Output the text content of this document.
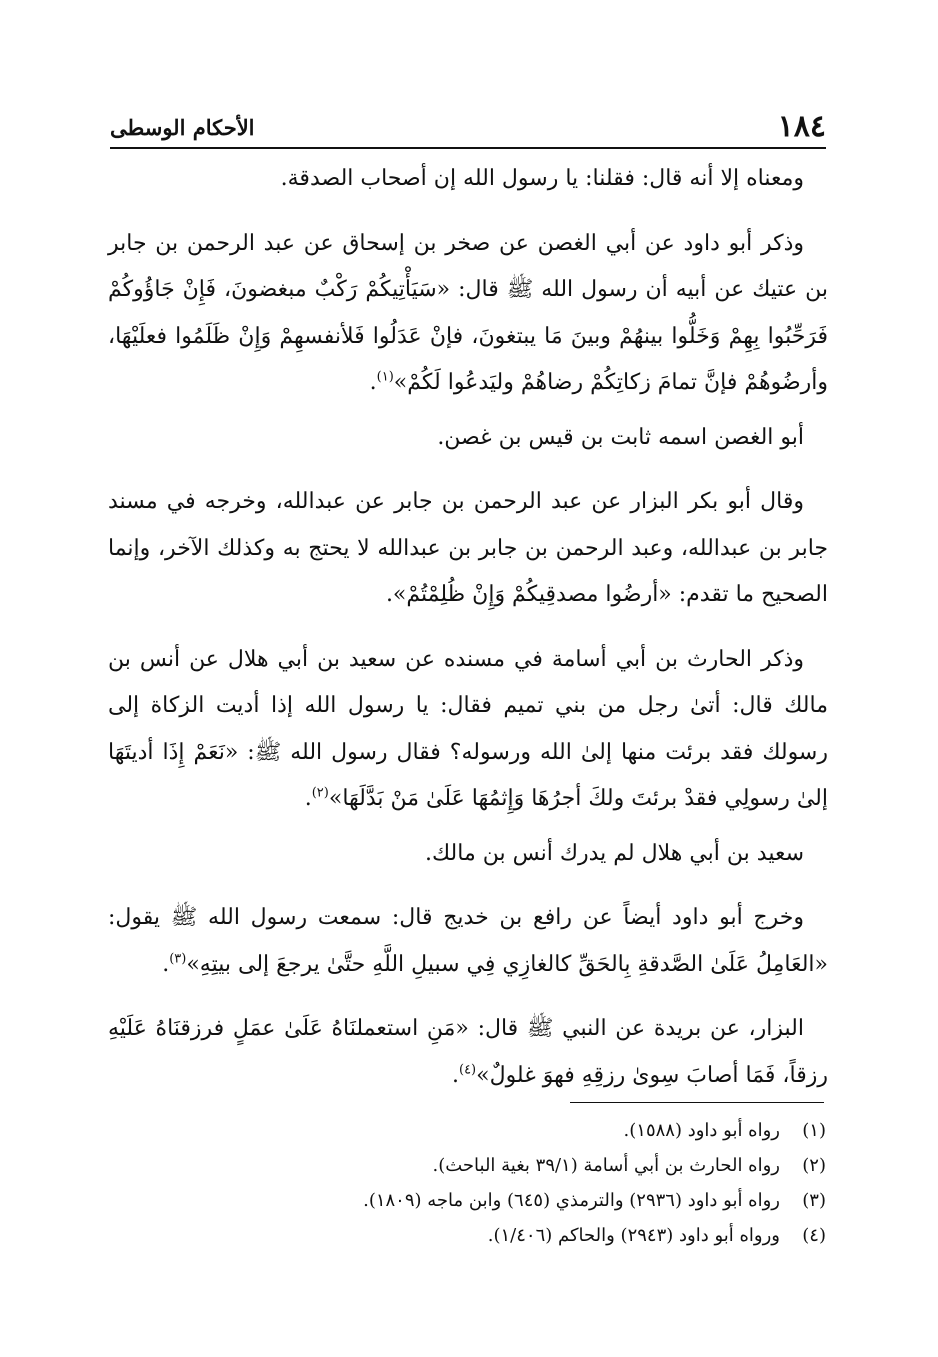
١٨٤
الأحكام الوسطى

ومعناه إلا أنه قال: فقلنا: يا رسول الله إن أصحاب الصدقة.

وذكر أبو داود عن أبي الغصن عن صخر بن إسحاق عن عبد الرحمن بن جابر بن عتيك عن أبيه أن رسول الله ﷺ قال: «سَيَأْتِيكُمْ رَكْبٌ مبغضونَ، فَإِنْ جَاؤُوكُمْ فَرَحِّبُوا بِهِمْ وَخَلُّوا بينهُمْ وبينَ مَا يبتغونَ، فإنْ عَدَلُوا فَلأنفسهِمْ وَإِنْ ظَلَمُوا فعلَيْهَا، وأرضُوهُمْ فإنَّ تمامَ زكاتِكُمْ رضاهُمْ وليَدعُوا لَكُمْ»$^{(١)}$.

أبو الغصن اسمه ثابت بن قيس بن غصن.

وقال أبو بكر البزار عن عبد الرحمن بن جابر عن عبدالله، وخرجه في مسند جابر بن عبدالله، وعبد الرحمن بن جابر بن عبدالله لا يحتج به وكذلك الآخر، وإنما الصحيح ما تقدم: «أرضُوا مصدقِيكُمْ وَإِنْ ظُلِمْتُمْ».

وذكر الحارث بن أبي أسامة في مسنده عن سعيد بن أبي هلال عن أنس بن مالك قال: أتىٰ رجل من بني تميم فقال: يا رسول الله إذا أديت الزكاة إلى رسولك فقد برئت منها إلىٰ الله ورسوله؟ فقال رسول الله ﷺ: «نَعَمْ إِذَا أديتَهَا إلىٰ رسولِي فقدْ برئتَ ولكَ أجرُهَا وَإِثمُهَا عَلَىٰ مَنْ بَدَّلَهَا»$^{(٢)}$.

سعيد بن أبي هلال لم يدرك أنس بن مالك.

وخرج أبو داود أيضاً عن رافع بن خديج قال: سمعت رسول الله ﷺ يقول: «العَامِلُ عَلَىٰ الصَّدقةِ بِالحَقِّ كالغازِي فِي سبيلِ اللَّهِ حتَّىٰ يرجعَ إلى بيتِهِ»$^{(٣)}$.

البزار، عن بريدة عن النبي ﷺ قال: «مَنِ استعملنَاهُ عَلَىٰ عمَلٍ فرزقنَاهُ عَلَيْهِ رزقاً، فَمَا أصابَ سِوىٰ رزقِهِ فهوَ غلولٌ»$^{(٤)}$.

(١)
رواه أبو داود (١٥٨٨).
(٢)
رواه الحارث بن أبي أسامة (٣٩/١ بغية الباحث).
(٣)
رواه أبو داود (٢٩٣٦) والترمذي (٦٤٥) وابن ماجه (١٨٠٩).
(٤)
ورواه أبو داود (٢٩٤٣) والحاكم (١/٤٠٦).
